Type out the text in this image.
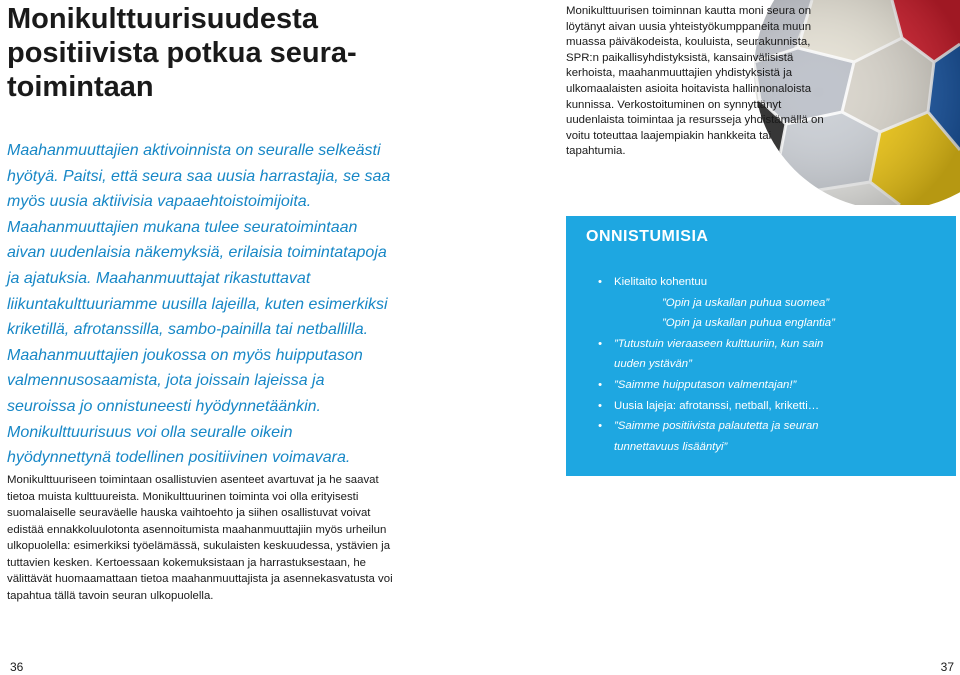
Monikulttuurisuudesta positiivista potkua seura-toimintaan

Maahanmuuttajien aktivoinnista on seuralle selkeästi hyötyä. Paitsi, että seura saa uusia harrastajia, se saa myös uusia aktiivisia vapaaehtoistoimijoita. Maahanmuuttajien mukana tulee seuratoimintaan aivan uudenlaisia näkemyksiä, erilaisia toimintatapoja ja ajatuksia. Maahanmuuttajat rikastuttavat liikuntakulttuuriamme uusilla lajeilla, kuten esimerkiksi kriketillä, afrotanssilla, sambo-painilla tai netballilla. Maahanmuuttajien joukossa on myös huipputason valmennusosaamista, jota joissain lajeissa ja seuroissa jo onnistuneesti hyödynnetäänkin. Monikulttuurisuus voi olla seuralle oikein hyödynnettynä todellinen positiivinen voimavara.

Monikulttuuriseen toimintaan osallistuvien asenteet avartuvat ja he saavat tietoa muista kulttuureista. Monikulttuurinen toiminta voi olla erityisesti suomalaiselle seuraväelle hauska vaihtoehto ja siihen osallistuvat voivat edistää ennakkoluulotonta asennoitumista maahanmuuttajiin myös urheilun ulkopuolella: esimerkiksi työelämässä, sukulaisten keskuudessa, ystävien ja tuttavien kesken. Kertoessaan kokemuksistaan ja harrastuksestaan, he välittävät huomaamattaan tietoa maahanmuuttajista ja asennekasvatusta voi tapahtua tällä tavoin seuran ulkopuolella.

36

Monikulttuurisen toiminnan kautta moni seura on löytänyt aivan uusia yhteistyökumppaneita muun muassa päiväkodeista, kouluista, seurakunnista, SPR:n paikallisyhdistyksistä, kansainvälisistä kerhoista, maahanmuuttajien yhdistyksistä ja ulkomaalaisten asioita hoitavista hallinnonaloista kunnissa. Verkostoituminen on synnyttänyt uudenlaista toimintaa ja resursseja yhdistämällä on voitu toteuttaa laajempiakin hankkeita tai tapahtumia.

ONNISTUMISIA
• Kielitaito kohentuu
”Opin ja uskallan puhua suomea”
”Opin ja uskallan puhua englantia”
• ”Tutustuin vieraaseen kulttuuriin, kun sain uuden ystävän”
• ”Saimme huipputason valmentajan!”
• Uusia lajeja: afrotanssi, netball, kriketti…
• ”Saimme positiivista palautetta ja seuran tunnettavuus lisääntyi”
37
